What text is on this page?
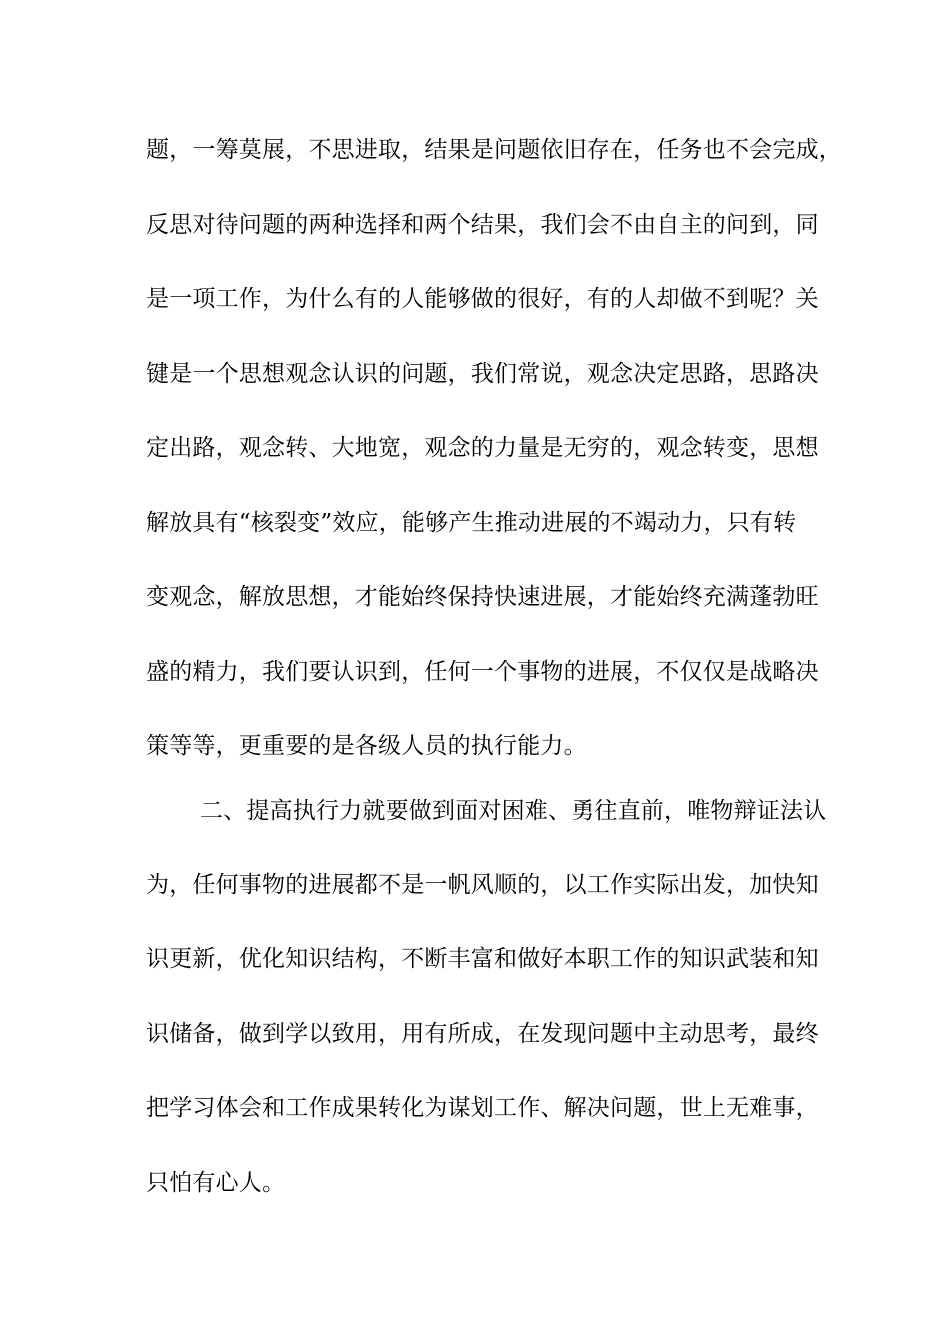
题，一筹莫展，不思进取，结果是问题依旧存在，任务也不会完成，
反思对待问题的两种选择和两个结果，我们会不由自主的问到，同
是一项工作，为什么有的人能够做的很好，有的人却做不到呢？关
键是一个思想观念认识的问题，我们常说，观念决定思路，思路决
定出路，观念转、大地宽，观念的力量是无穷的，观念转变，思想
解放具有“核裂变”效应，能够产生推动进展的不竭动力，只有转
变观念，解放思想，才能始终保持快速进展，才能始终充满蓬勃旺
盛的精力，我们要认识到，任何一个事物的进展，不仅仅是战略决
策等等，更重要的是各级人员的执行能力。
二、提高执行力就要做到面对困难、勇往直前，唯物辩证法认
为，任何事物的进展都不是一帆风顺的，以工作实际出发，加快知
识更新，优化知识结构，不断丰富和做好本职工作的知识武装和知
识储备，做到学以致用，用有所成，在发现问题中主动思考，最终
把学习体会和工作成果转化为谋划工作、解决问题，世上无难事，
只怕有心人。
